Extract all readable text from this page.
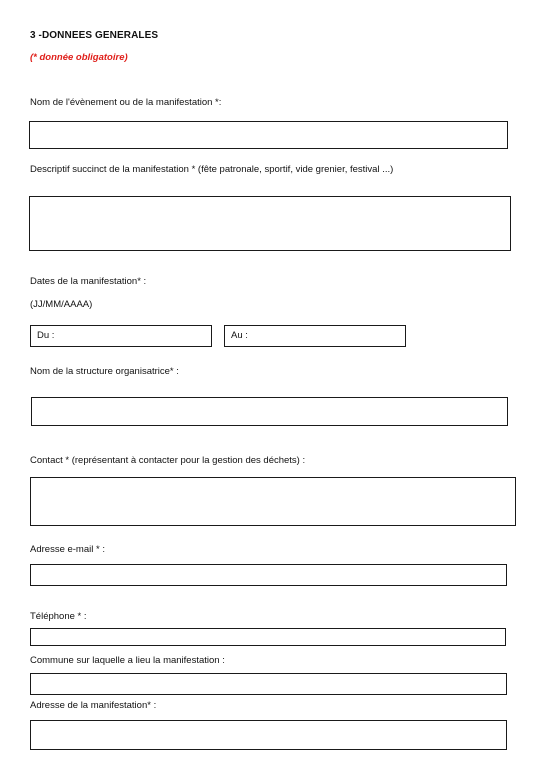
3 -DONNEES GENERALES
(* donnée obligatoire)
Nom de l'évènement ou de la manifestation *:
Descriptif succinct de la manifestation * (fête patronale, sportif, vide grenier, festival ...)
Dates de la manifestation* :
(JJ/MM/AAAA)
Du :	Au :
Nom de la structure organisatrice* :
Contact * (représentant à contacter pour la gestion des déchets) :
Adresse e-mail * :
Téléphone * :
Commune sur laquelle a lieu la manifestation :
Adresse de la manifestation* :
